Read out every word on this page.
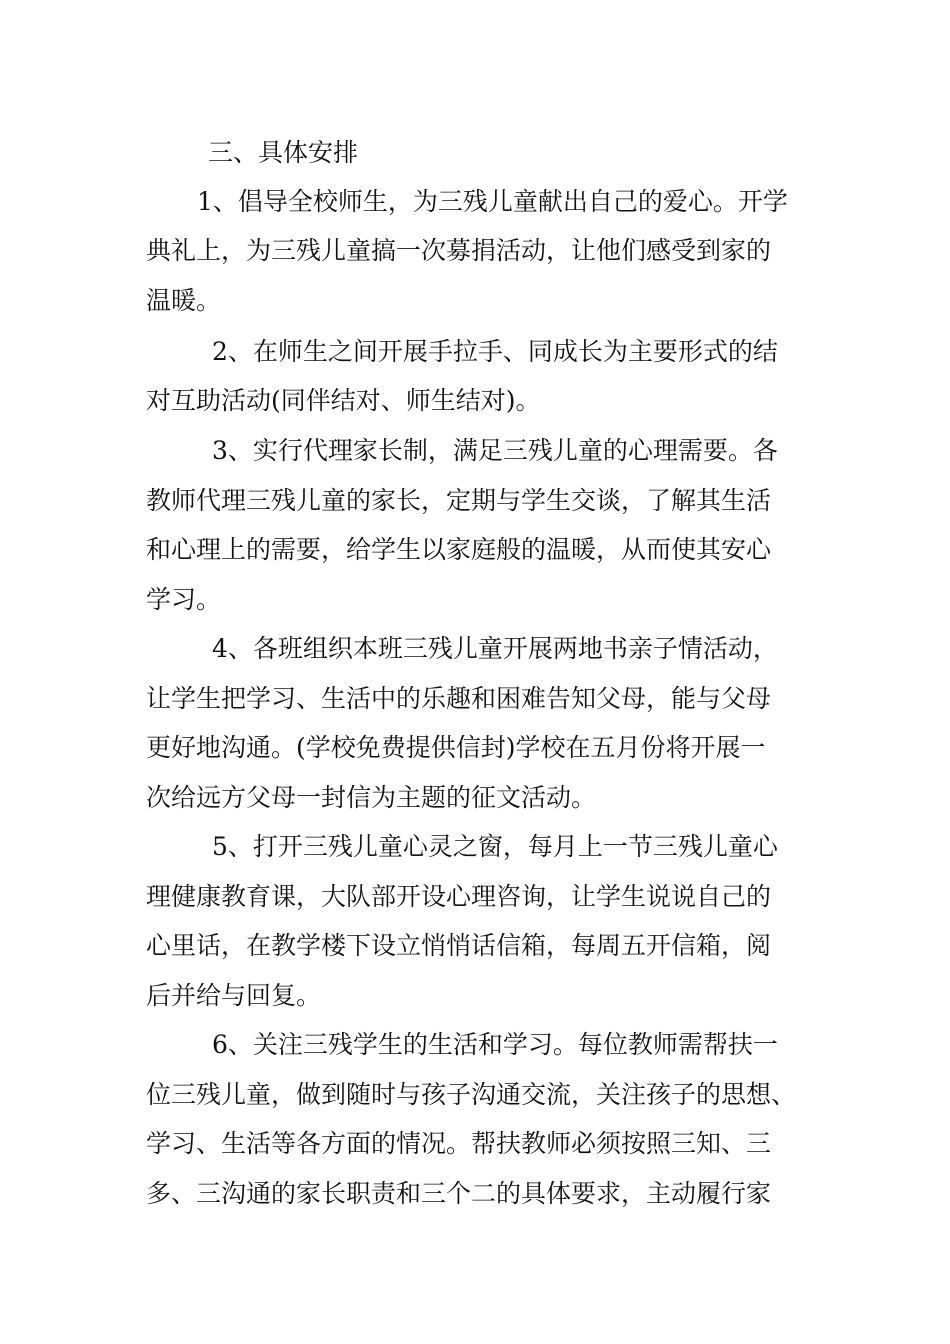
三、具体安排
1、倡导全校师生，为三残儿童献出自己的爱心。开学
典礼上，为三残儿童搞一次募捐活动，让他们感受到家的
温暖。
2、在师生之间开展手拉手、同成长为主要形式的结
对互助活动(同伴结对、师生结对)。
3、实行代理家长制，满足三残儿童的心理需要。各
教师代理三残儿童的家长，定期与学生交谈，了解其生活
和心理上的需要，给学生以家庭般的温暖，从而使其安心
学习。
4、各班组织本班三残儿童开展两地书亲子情活动，
让学生把学习、生活中的乐趣和困难告知父母，能与父母
更好地沟通。(学校免费提供信封)学校在五月份将开展一
次给远方父母一封信为主题的征文活动。
5、打开三残儿童心灵之窗，每月上一节三残儿童心
理健康教育课，大队部开设心理咨询，让学生说说自己的
心里话，在教学楼下设立悄悄话信箱，每周五开信箱，阅
后并给与回复。
6、关注三残学生的生活和学习。每位教师需帮扶一
位三残儿童，做到随时与孩子沟通交流，关注孩子的思想、
学习、生活等各方面的情况。帮扶教师必须按照三知、三
多、三沟通的家长职责和三个二的具体要求，主动履行家
